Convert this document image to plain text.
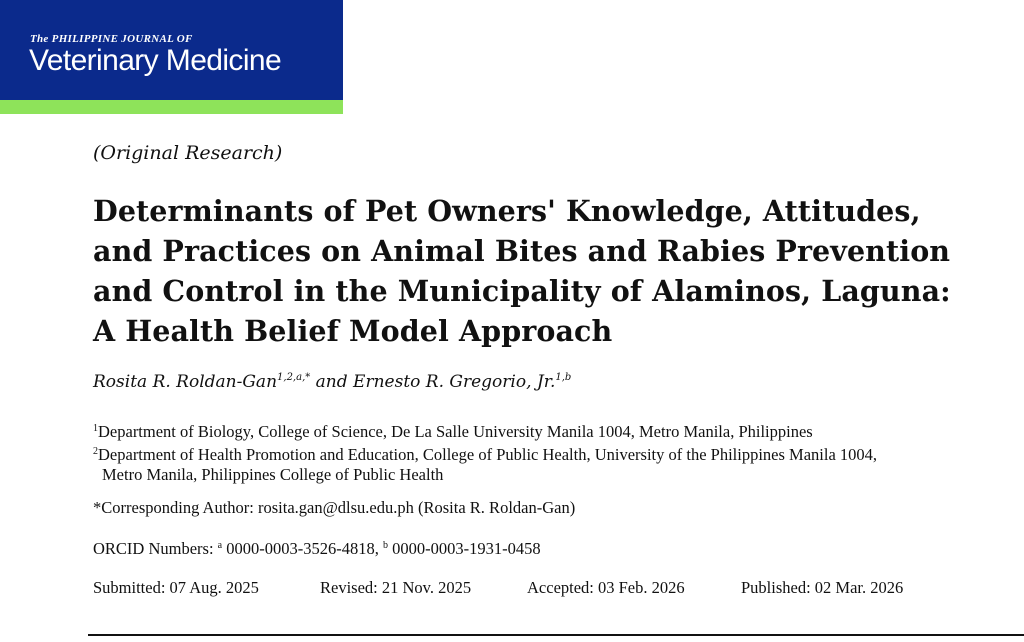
The PHILIPPINE JOURNAL OF
Veterinary Medicine
(Original Research)
Determinants of Pet Owners' Knowledge, Attitudes,
and Practices on Animal Bites and Rabies Prevention
and Control in the Municipality of Alaminos, Laguna:
A Health Belief Model Approach
Rosita R. Roldan-Gan$^{1,2,a,*}$ and Ernesto R. Gregorio, Jr.$^{1,b}$
$^1$Department of Biology, College of Science, De La Salle University Manila 1004, Metro Manila, Philippines
$^2$Department of Health Promotion and Education, College of Public Health, University of the Philippines Manila 1004,
Metro Manila, Philippines College of Public Health
*Corresponding Author: rosita.gan@dlsu.edu.ph (Rosita R. Roldan-Gan)
ORCID Numbers: $^a$ 0000-0003-3526-4818, $^b$ 0000-0003-1931-0458
Submitted: 07 Aug. 2025	Revised: 21 Nov. 2025	Accepted: 03 Feb. 2026	Published: 02 Mar. 2026
